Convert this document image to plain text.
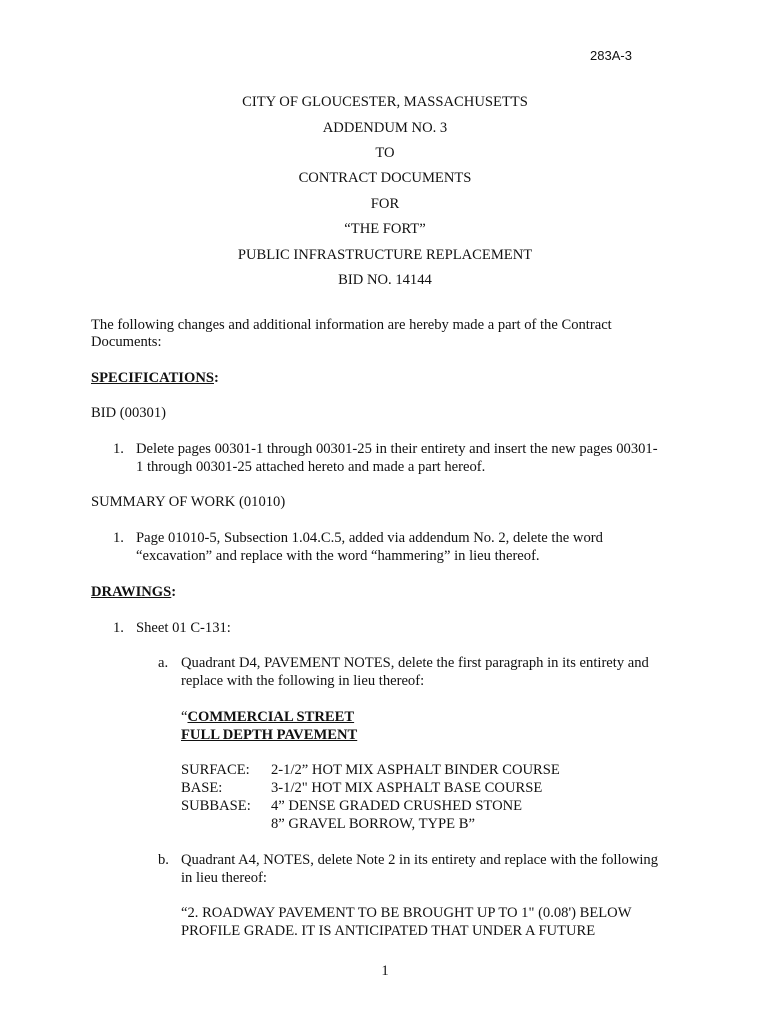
283A-3
CITY OF GLOUCESTER, MASSACHUSETTS
ADDENDUM NO. 3
TO
CONTRACT DOCUMENTS
FOR
“THE FORT”
PUBLIC INFRASTRUCTURE REPLACEMENT
BID NO. 14144
The following changes and additional information are hereby made a part of the Contract
Documents:
SPECIFICATIONS:
BID (00301)
1. Delete pages 00301-1 through 00301-25 in their entirety and insert the new pages 00301-
1 through 00301-25 attached hereto and made a part hereof.
SUMMARY OF WORK (01010)
1. Page 01010-5, Subsection 1.04.C.5, added via addendum No. 2, delete the word
“excavation” and replace with the word “hammering” in lieu thereof.
DRAWINGS:
1. Sheet 01 C-131:
a. Quadrant D4, PAVEMENT NOTES, delete the first paragraph in its entirety and
replace with the following in lieu thereof:
“COMMERCIAL STREET
FULL DEPTH PAVEMENT
SURFACE: 2-1/2” HOT MIX ASPHALT BINDER COURSE
BASE:	3-1/2" HOT MIX ASPHALT BASE COURSE
SUBBASE: 4” DENSE GRADED CRUSHED STONE
8” GRAVEL BORROW, TYPE B”
b. Quadrant A4, NOTES, delete Note 2 in its entirety and replace with the following
in lieu thereof:
“2. ROADWAY PAVEMENT TO BE BROUGHT UP TO 1" (0.08') BELOW
PROFILE GRADE. IT IS ANTICIPATED THAT UNDER A FUTURE
1
